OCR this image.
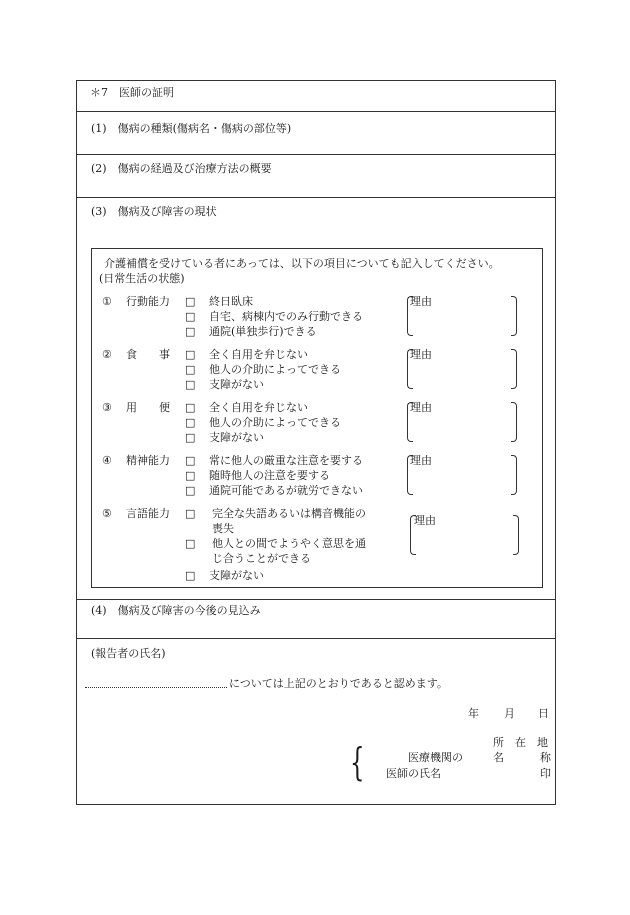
＊7　医師の証明
(1)　傷病の種類(傷病名・傷病の部位等)
(2)　傷病の経過及び治療方法の概要
(3)　傷病及び障害の現状
介護補償を受けている者にあっては、以下の項目についても記入してください。
(日常生活の状態)
① 行動能力 □ 終日臥床
□ 自宅、病棟内でのみ行動できる
□ 通院(単独歩行)できる
理由
② 食　　事 □ 全く自用を弁じない
□ 他人の介助によってできる
□ 支障がない
理由
③ 用　　便 □ 全く自用を弁じない
□ 他人の介助によってできる
□ 支障がない
理由
④ 精神能力 □ 常に他人の厳重な注意を要する
□ 随時他人の注意を要する
□ 通院可能であるが就労できない
理由
⑤ 言語能力 □ 完全な失語あるいは構音機能の
喪失
□ 他人との間でようやく意思を通
じ合うことができる
□ 支障がない
理由
(4)　傷病及び障害の今後の見込み
(報告者の氏名)
については上記のとおりであると認めます。
年 月 日
{	所　在　地
医療機関の	名	称
医師の氏名	印
